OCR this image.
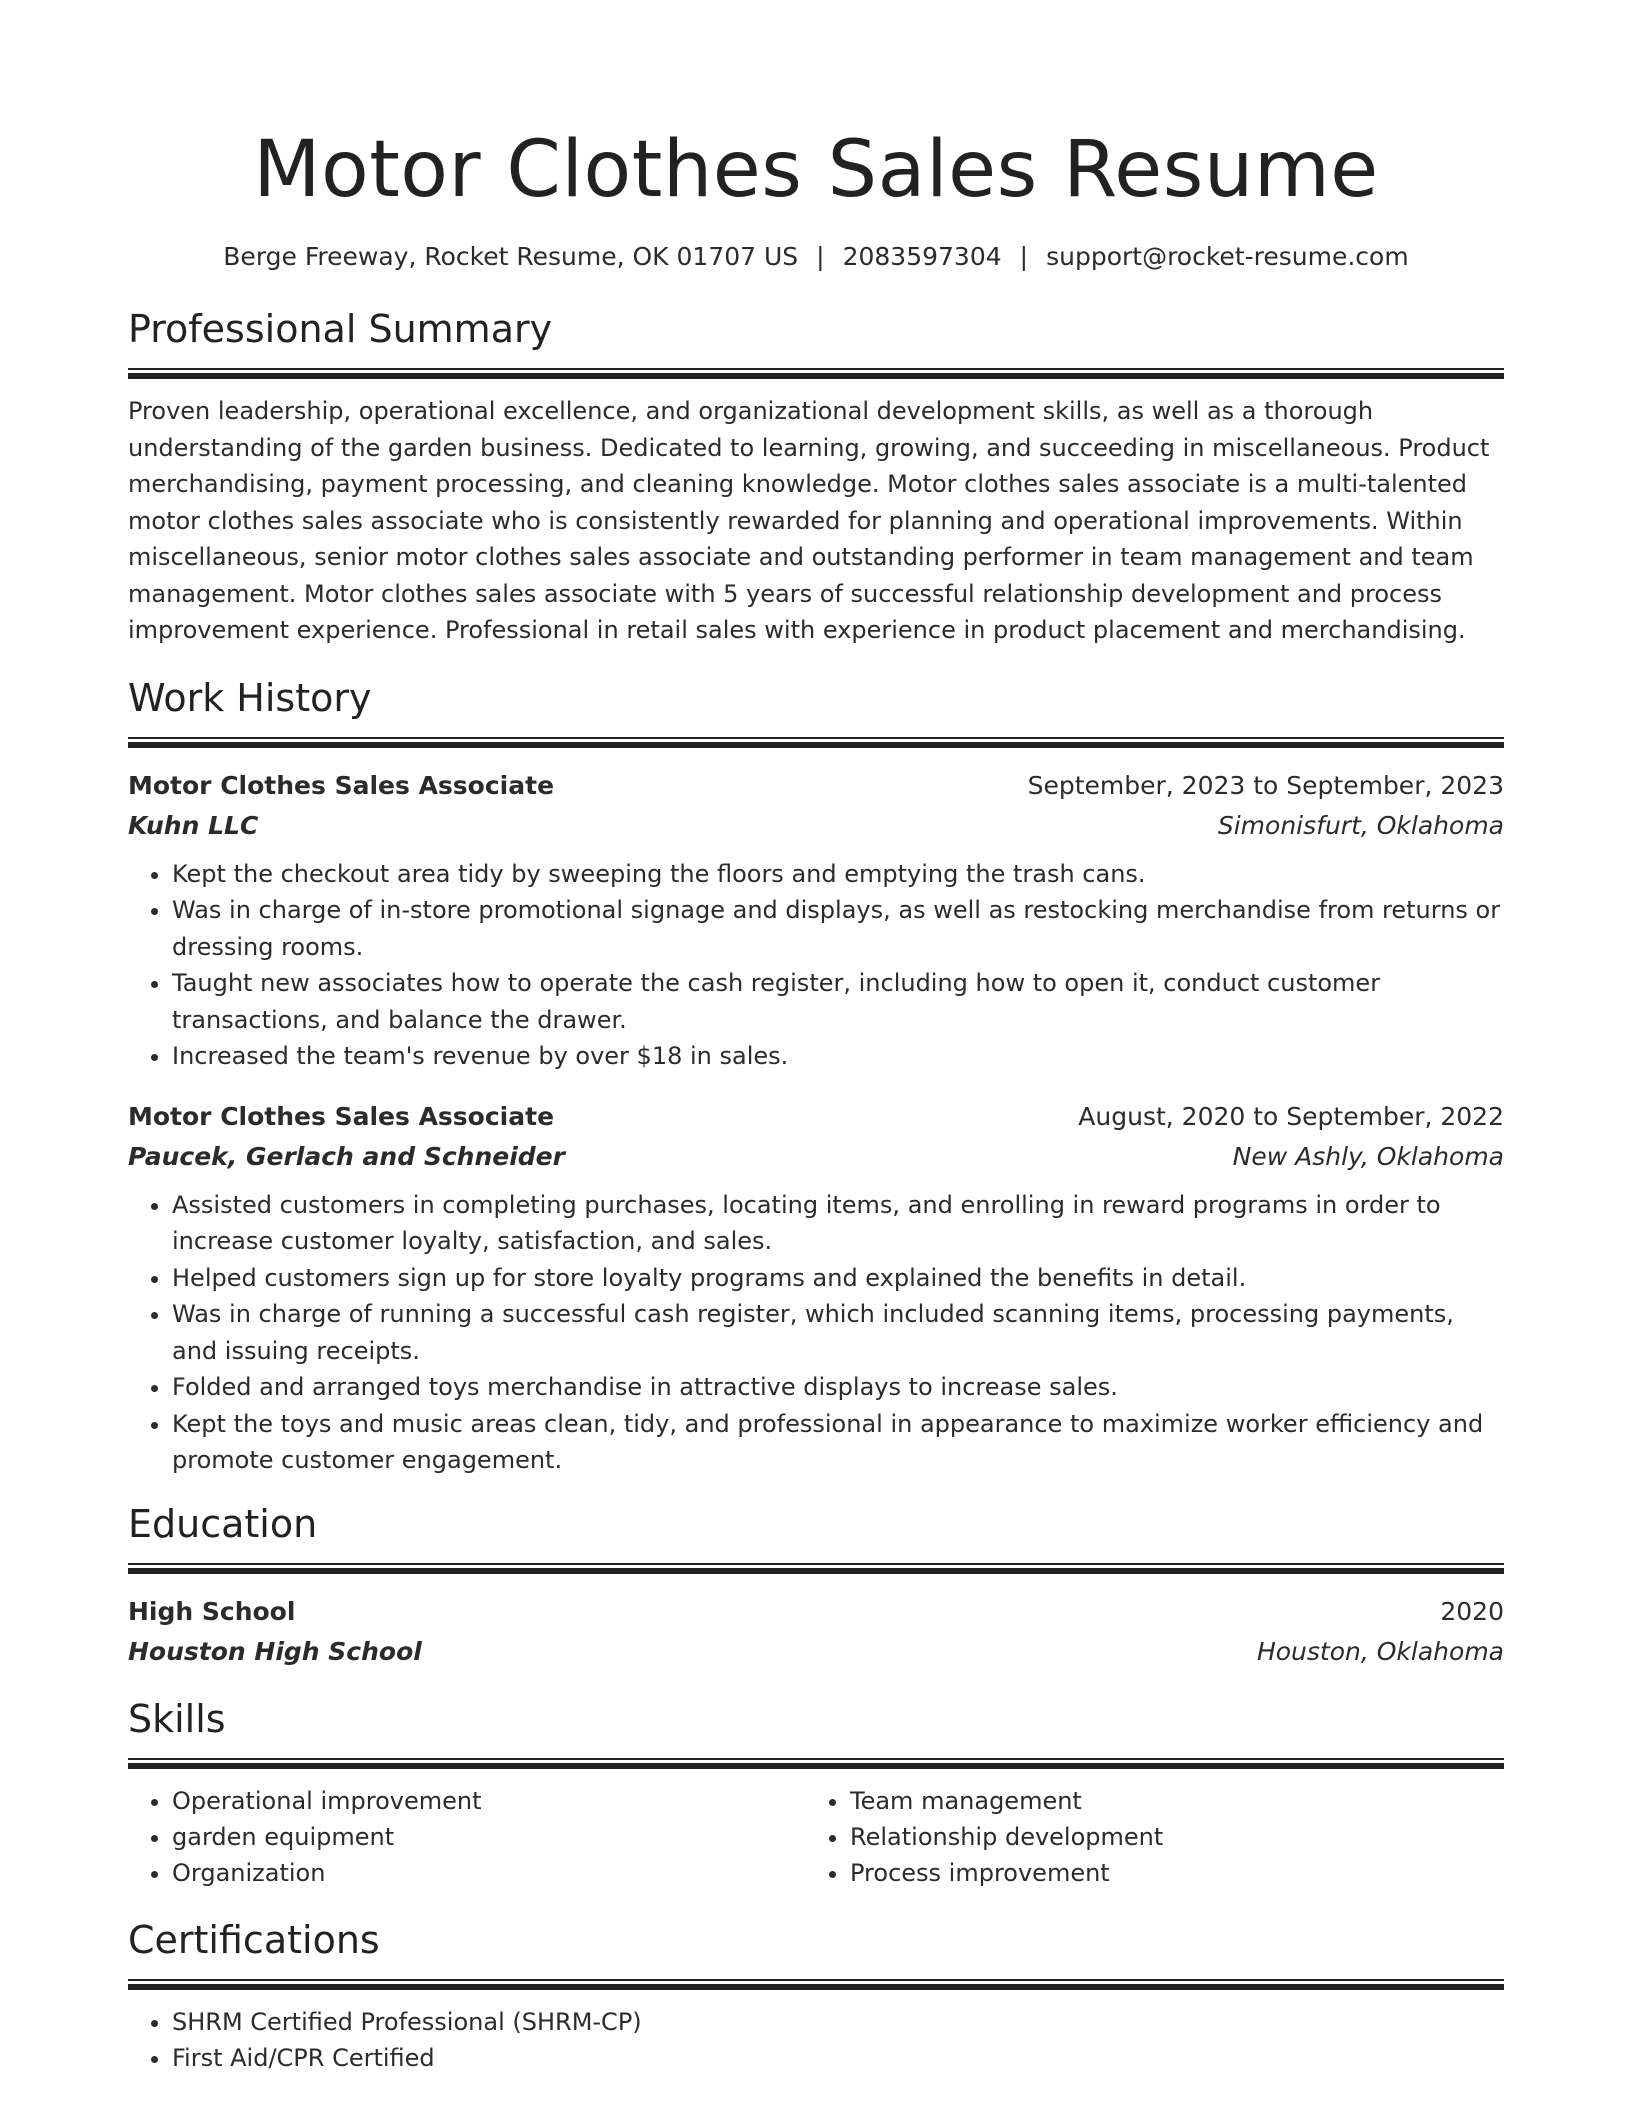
Motor Clothes Sales Resume
Berge Freeway, Rocket Resume, OK 01707 US | 2083597304 | support@rocket-resume.com
Professional Summary
Proven leadership, operational excellence, and organizational development skills, as well as a thorough understanding of the garden business. Dedicated to learning, growing, and succeeding in miscellaneous. Product merchandising, payment processing, and cleaning knowledge. Motor clothes sales associate is a multi-talented motor clothes sales associate who is consistently rewarded for planning and operational improvements. Within miscellaneous, senior motor clothes sales associate and outstanding performer in team management and team management. Motor clothes sales associate with 5 years of successful relationship development and process improvement experience. Professional in retail sales with experience in product placement and merchandising.
Work History
Motor Clothes Sales Associate	September, 2023 to September, 2023
Kuhn LLC	Simonisfurt, Oklahoma
• Kept the checkout area tidy by sweeping the floors and emptying the trash cans.
• Was in charge of in-store promotional signage and displays, as well as restocking merchandise from returns or dressing rooms.
• Taught new associates how to operate the cash register, including how to open it, conduct customer transactions, and balance the drawer.
• Increased the team's revenue by over $18 in sales.
Motor Clothes Sales Associate	August, 2020 to September, 2022
Paucek, Gerlach and Schneider	New Ashly, Oklahoma
• Assisted customers in completing purchases, locating items, and enrolling in reward programs in order to increase customer loyalty, satisfaction, and sales.
• Helped customers sign up for store loyalty programs and explained the benefits in detail.
• Was in charge of running a successful cash register, which included scanning items, processing payments, and issuing receipts.
• Folded and arranged toys merchandise in attractive displays to increase sales.
• Kept the toys and music areas clean, tidy, and professional in appearance to maximize worker efficiency and promote customer engagement.
Education
High School	2020
Houston High School	Houston, Oklahoma
Skills
• Operational improvement
• garden equipment
• Organization
• Team management
• Relationship development
• Process improvement
Certifications
• SHRM Certified Professional (SHRM-CP)
• First Aid/CPR Certified
